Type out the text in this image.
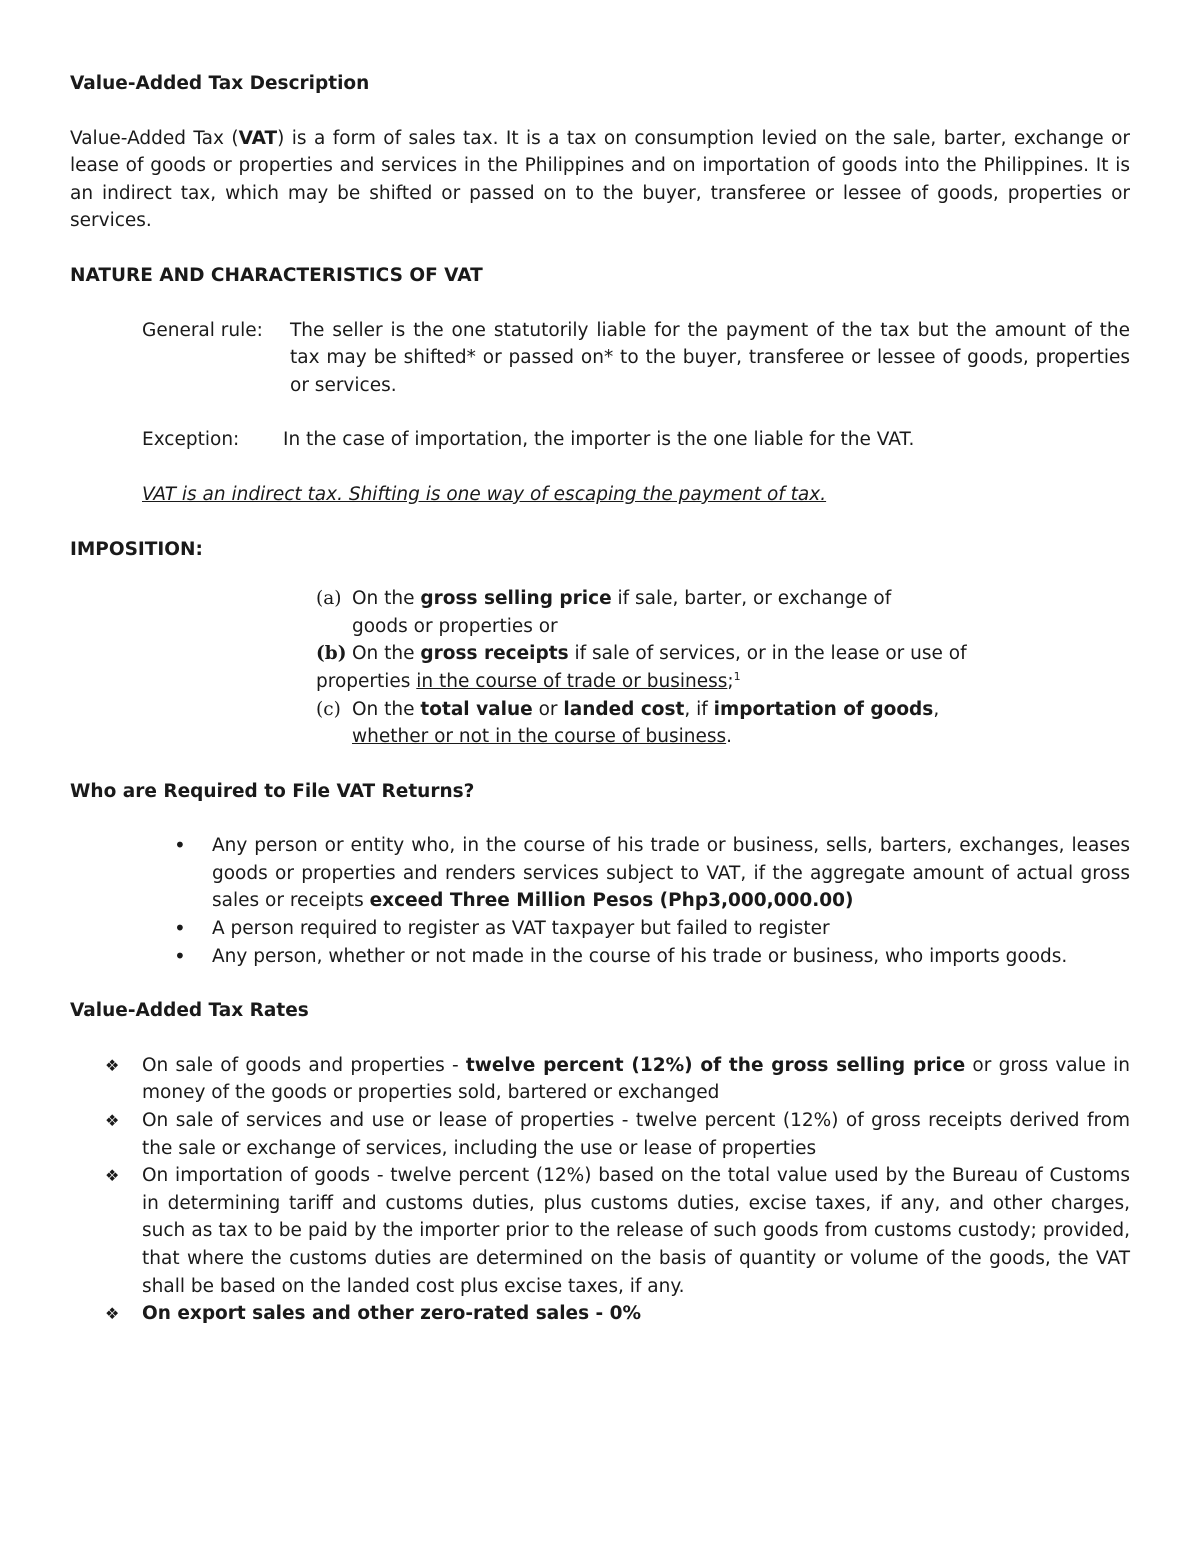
Value-Added Tax Description

Value-Added Tax (VAT) is a form of sales tax. It is a tax on consumption levied on the sale, barter, exchange or lease of goods or properties and services in the Philippines and on importation of goods into the Philippines. It is an indirect tax, which may be shifted or passed on to the buyer, transferee or lessee of goods, properties or services.

NATURE AND CHARACTERISTICS OF VAT

General rule:	The seller is the one statutorily liable for the payment of the tax but the amount of the tax may be shifted* or passed on* to the buyer, transferee or lessee of goods, properties or services.
Exception:	In the case of importation, the importer is the one liable for the VAT.

VAT is an indirect tax. Shifting is one way of escaping the payment of tax.

IMPOSITION:

(a) On the gross selling price if sale, barter, or exchange of goods or properties or
(b) On the gross receipts if sale of services, or in the lease or use of
properties in the course of trade or business;$^1$
(c) On the total value or landed cost, if importation of goods, whether or not in the course of business.

Who are Required to File VAT Returns?

• Any person or entity who, in the course of his trade or business, sells, barters, exchanges, leases goods or properties and renders services subject to VAT, if the aggregate amount of actual gross sales or receipts exceed Three Million Pesos (Php3,000,000.00)
• A person required to register as VAT taxpayer but failed to register
• Any person, whether or not made in the course of his trade or business, who imports goods.

Value-Added Tax Rates

❖ On sale of goods and properties - twelve percent (12%) of the gross selling price or gross value in money of the goods or properties sold, bartered or exchanged
❖ On sale of services and use or lease of properties - twelve percent (12%) of gross receipts derived from the sale or exchange of services, including the use or lease of properties
❖ On importation of goods - twelve percent (12%) based on the total value used by the Bureau of Customs in determining tariff and customs duties, plus customs duties, excise taxes, if any, and other charges, such as tax to be paid by the importer prior to the release of such goods from customs custody; provided, that where the customs duties are determined on the basis of quantity or volume of the goods, the VAT shall be based on the landed cost plus excise taxes, if any.
❖ On export sales and other zero-rated sales - 0%
